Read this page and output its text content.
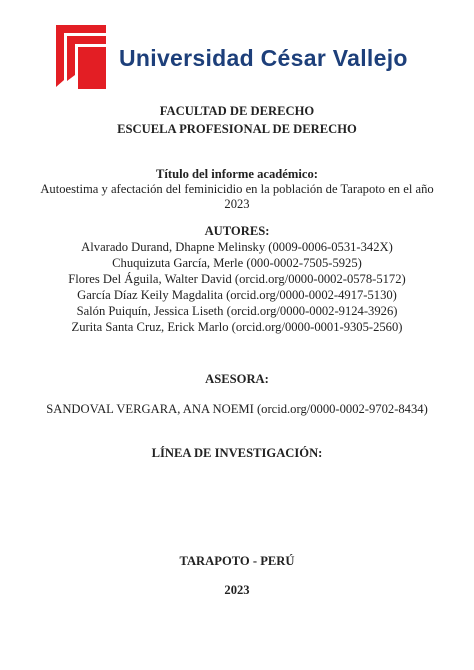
Universidad César Vallejo
FACULTAD DE DERECHO
ESCUELA PROFESIONAL DE DERECHO
Título del informe académico:
Autoestima y afectación del feminicidio en la población de Tarapoto en el año
2023
AUTORES:
Alvarado Durand, Dhapne Melinsky (0009-0006-0531-342X)
Chuquizuta García, Merle (000-0002-7505-5925)
Flores Del Águila, Walter David (orcid.org/0000-0002-0578-5172)
García Díaz Keily Magdalita (orcid.org/0000-0002-4917-5130)
Salón Puiquín, Jessica Liseth (orcid.org/0000-0002-9124-3926)
Zurita Santa Cruz, Erick Marlo (orcid.org/0000-0001-9305-2560)
ASESORA:
SANDOVAL VERGARA, ANA NOEMI (orcid.org/0000-0002-9702-8434)
LÍNEA DE INVESTIGACIÓN:
TARAPOTO - PERÚ
2023
